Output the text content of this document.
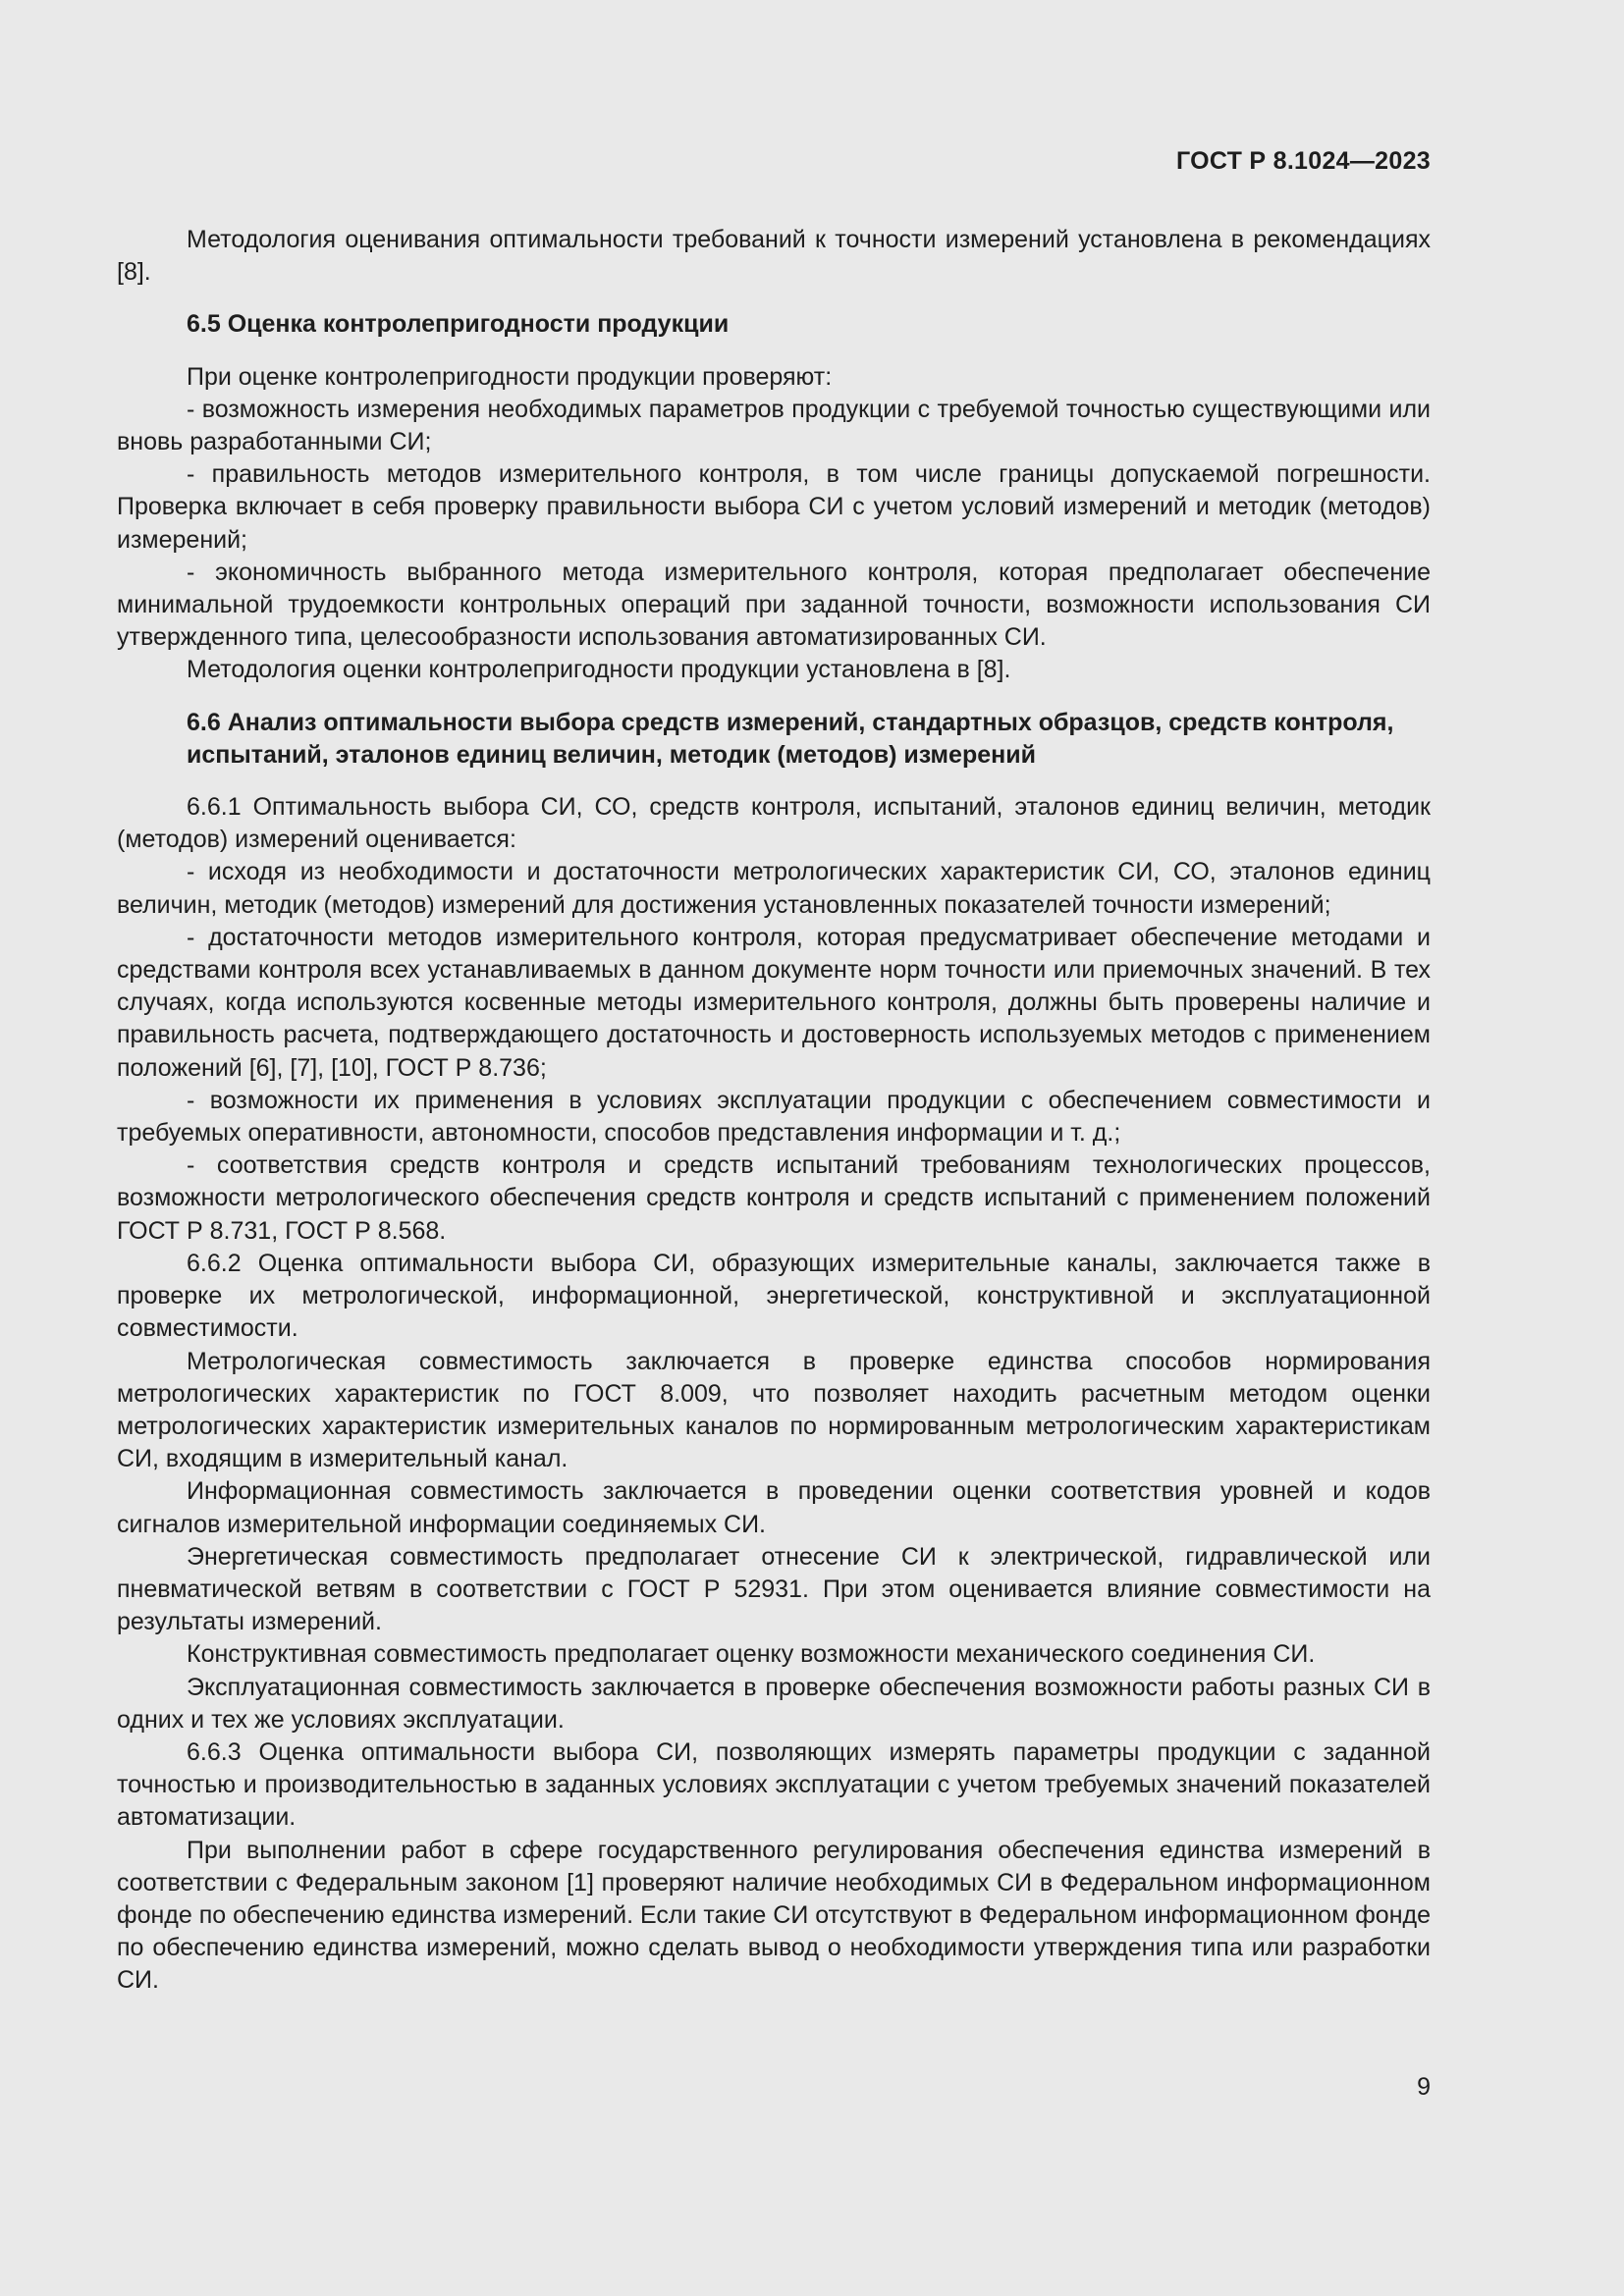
ГОСТ Р 8.1024—2023

Методология оценивания оптимальности требований к точности измерений установлена в рекомендациях [8].

6.5 Оценка контролепригодности продукции

При оценке контролепригодности продукции проверяют:

- возможность измерения необходимых параметров продукции с требуемой точностью существующими или вновь разработанными СИ;

- правильность методов измерительного контроля, в том числе границы допускаемой погрешности. Проверка включает в себя проверку правильности выбора СИ с учетом условий измерений и методик (методов) измерений;

- экономичность выбранного метода измерительного контроля, которая предполагает обеспечение минимальной трудоемкости контрольных операций при заданной точности, возможности использования СИ утвержденного типа, целесообразности использования автоматизированных СИ.

Методология оценки контролепригодности продукции установлена в [8].

6.6 Анализ оптимальности выбора средств измерений, стандартных образцов, средств контроля, испытаний, эталонов единиц величин, методик (методов) измерений

6.6.1 Оптимальность выбора СИ, СО, средств контроля, испытаний, эталонов единиц величин, методик (методов) измерений оценивается:

- исходя из необходимости и достаточности метрологических характеристик СИ, СО, эталонов единиц величин, методик (методов) измерений для достижения установленных показателей точности измерений;

- достаточности методов измерительного контроля, которая предусматривает обеспечение методами и средствами контроля всех устанавливаемых в данном документе норм точности или приемочных значений. В тех случаях, когда используются косвенные методы измерительного контроля, должны быть проверены наличие и правильность расчета, подтверждающего достаточность и достоверность используемых методов с применением положений [6], [7], [10], ГОСТ Р 8.736;

- возможности их применения в условиях эксплуатации продукции с обеспечением совместимости и требуемых оперативности, автономности, способов представления информации и т. д.;

- соответствия средств контроля и средств испытаний требованиям технологических процессов, возможности метрологического обеспечения средств контроля и средств испытаний с применением положений ГОСТ Р 8.731, ГОСТ Р 8.568.

6.6.2 Оценка оптимальности выбора СИ, образующих измерительные каналы, заключается также в проверке их метрологической, информационной, энергетической, конструктивной и эксплуатационной совместимости.

Метрологическая совместимость заключается в проверке единства способов нормирования метрологических характеристик по ГОСТ 8.009, что позволяет находить расчетным методом оценки метрологических характеристик измерительных каналов по нормированным метрологическим характеристикам СИ, входящим в измерительный канал.

Информационная совместимость заключается в проведении оценки соответствия уровней и кодов сигналов измерительной информации соединяемых СИ.

Энергетическая совместимость предполагает отнесение СИ к электрической, гидравлической или пневматической ветвям в соответствии с ГОСТ Р 52931. При этом оценивается влияние совместимости на результаты измерений.

Конструктивная совместимость предполагает оценку возможности механического соединения СИ.

Эксплуатационная совместимость заключается в проверке обеспечения возможности работы разных СИ в одних и тех же условиях эксплуатации.

6.6.3 Оценка оптимальности выбора СИ, позволяющих измерять параметры продукции с заданной точностью и производительностью в заданных условиях эксплуатации с учетом требуемых значений показателей автоматизации.

При выполнении работ в сфере государственного регулирования обеспечения единства измерений в соответствии с Федеральным законом [1] проверяют наличие необходимых СИ в Федеральном информационном фонде по обеспечению единства измерений. Если такие СИ отсутствуют в Федеральном информационном фонде по обеспечению единства измерений, можно сделать вывод о необходимости утверждения типа или разработки СИ.

9
